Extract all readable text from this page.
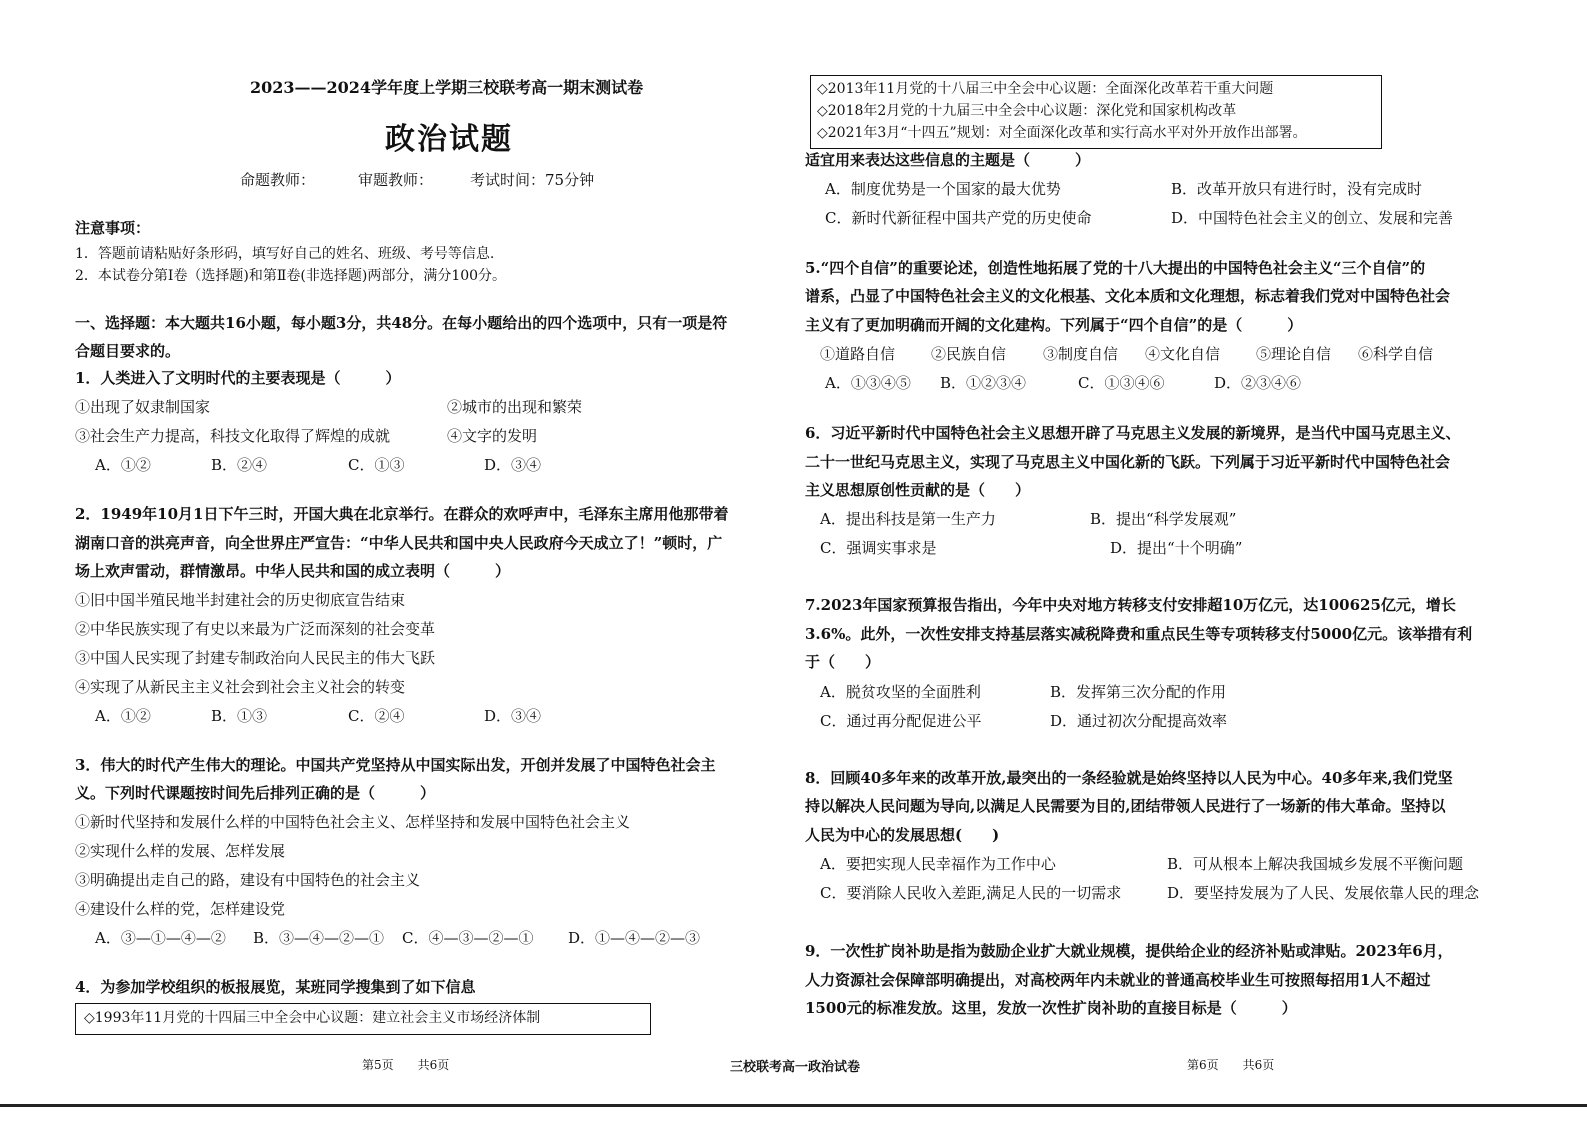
2023——2024学年度上学期三校联考高一期末测试卷
政治试题
命题教师：	审题教师： 考试时间：75分钟
注意事项：
1．答题前请粘贴好条形码，填写好自己的姓名、班级、考号等信息.
2．本试卷分第Ⅰ卷（选择题)和第Ⅱ卷(非选择题)两部分，满分100分。
一、选择题：本大题共16小题，每小题3分，共48分。在每小题给出的四个选项中，只有一项是符
合题目要求的。
1．人类进入了文明时代的主要表现是（　　　）
①出现了奴隶制国家	②城市的出现和繁荣
③社会生产力提高，科技文化取得了辉煌的成就	④文字的发明
A．①②	B．②④	C．①③	D．③④
2．1949年10月1日下午三时，开国大典在北京举行。在群众的欢呼声中，毛泽东主席用他那带着
湖南口音的洪亮声音，向全世界庄严宣告：“中华人民共和国中央人民政府今天成立了！”顿时，广
场上欢声雷动，群情激昂。中华人民共和国的成立表明（　　　）
①旧中国半殖民地半封建社会的历史彻底宣告结束
②中华民族实现了有史以来最为广泛而深刻的社会变革
③中国人民实现了封建专制政治向人民民主的伟大飞跃
④实现了从新民主主义社会到社会主义社会的转变
A．①②	B．①③	C．②④	D．③④
3．伟大的时代产生伟大的理论。中国共产党坚持从中国实际出发，开创并发展了中国特色社会主
义。下列时代课题按时间先后排列正确的是（　　　）
①新时代坚持和发展什么样的中国特色社会主义、怎样坚持和发展中国特色社会主义
②实现什么样的发展、怎样发展
③明确提出走自己的路，建设有中国特色的社会主义
④建设什么样的党，怎样建设党
A．③—①—④—② B．③—④—②—① C．④—③—②—① D．①—④—②—③
4．为参加学校组织的板报展览，某班同学搜集到了如下信息
◇1993年11月党的十四届三中全会中心议题：建立社会主义市场经济体制
◇2013年11月党的十八届三中全会中心议题：全面深化改革若干重大问题
◇2018年2月党的十九届三中全会中心议题：深化党和国家机构改革
◇2021年3月“十四五”规划：对全面深化改革和实行高水平对外开放作出部署。
适宜用来表达这些信息的主题是（　　　）
A．制度优势是一个国家的最大优势	B．改革开放只有进行时，没有完成时
C．新时代新征程中国共产党的历史使命	D．中国特色社会主义的创立、发展和完善
5.“四个自信”的重要论述，创造性地拓展了党的十八大提出的中国特色社会主义“三个自信”的
谱系，凸显了中国特色社会主义的文化根基、文化本质和文化理想，标志着我们党对中国特色社会
主义有了更加明确而开阔的文化建构。下列属于“四个自信”的是（　　　）
①道路自信 ②民族自信 ③制度自信 ④文化自信 ⑤理论自信 ⑥科学自信
A．①③④⑤ B．①②③④	C．①③④⑥	D．②③④⑥
6．习近平新时代中国特色社会主义思想开辟了马克思主义发展的新境界，是当代中国马克思主义、
二十一世纪马克思主义，实现了马克思主义中国化新的飞跃。下列属于习近平新时代中国特色社会
主义思想原创性贡献的是（　　）
A．提出科技是第一生产力	B．提出“科学发展观”
C．强调实事求是	D．提出“十个明确”
7.2023年国家预算报告指出，今年中央对地方转移支付安排超10万亿元，达100625亿元，增长
3.6%。此外，一次性安排支持基层落实减税降费和重点民生等专项转移支付5000亿元。该举措有利
于（　　）
A．脱贫攻坚的全面胜利	B．发挥第三次分配的作用
C．通过再分配促进公平	D．通过初次分配提高效率
8．回顾40多年来的改革开放,最突出的一条经验就是始终坚持以人民为中心。40多年来,我们党坚
持以解决人民问题为导向,以满足人民需要为目的,团结带领人民进行了一场新的伟大革命。坚持以
人民为中心的发展思想(　　)
A．要把实现人民幸福作为工作中心	B．可从根本上解决我国城乡发展不平衡问题
C．要消除人民收入差距,满足人民的一切需求	D．要坚持发展为了人民、发展依靠人民的理念
9．一次性扩岗补助是指为鼓励企业扩大就业规模，提供给企业的经济补贴或津贴。2023年6月，
人力资源社会保障部明确提出，对高校两年内未就业的普通高校毕业生可按照每招用1人不超过
1500元的标准发放。这里，发放一次性扩岗补助的直接目标是（　　　）
第5页　　共6页	三校联考高一政治试卷	第6页　　共6页
